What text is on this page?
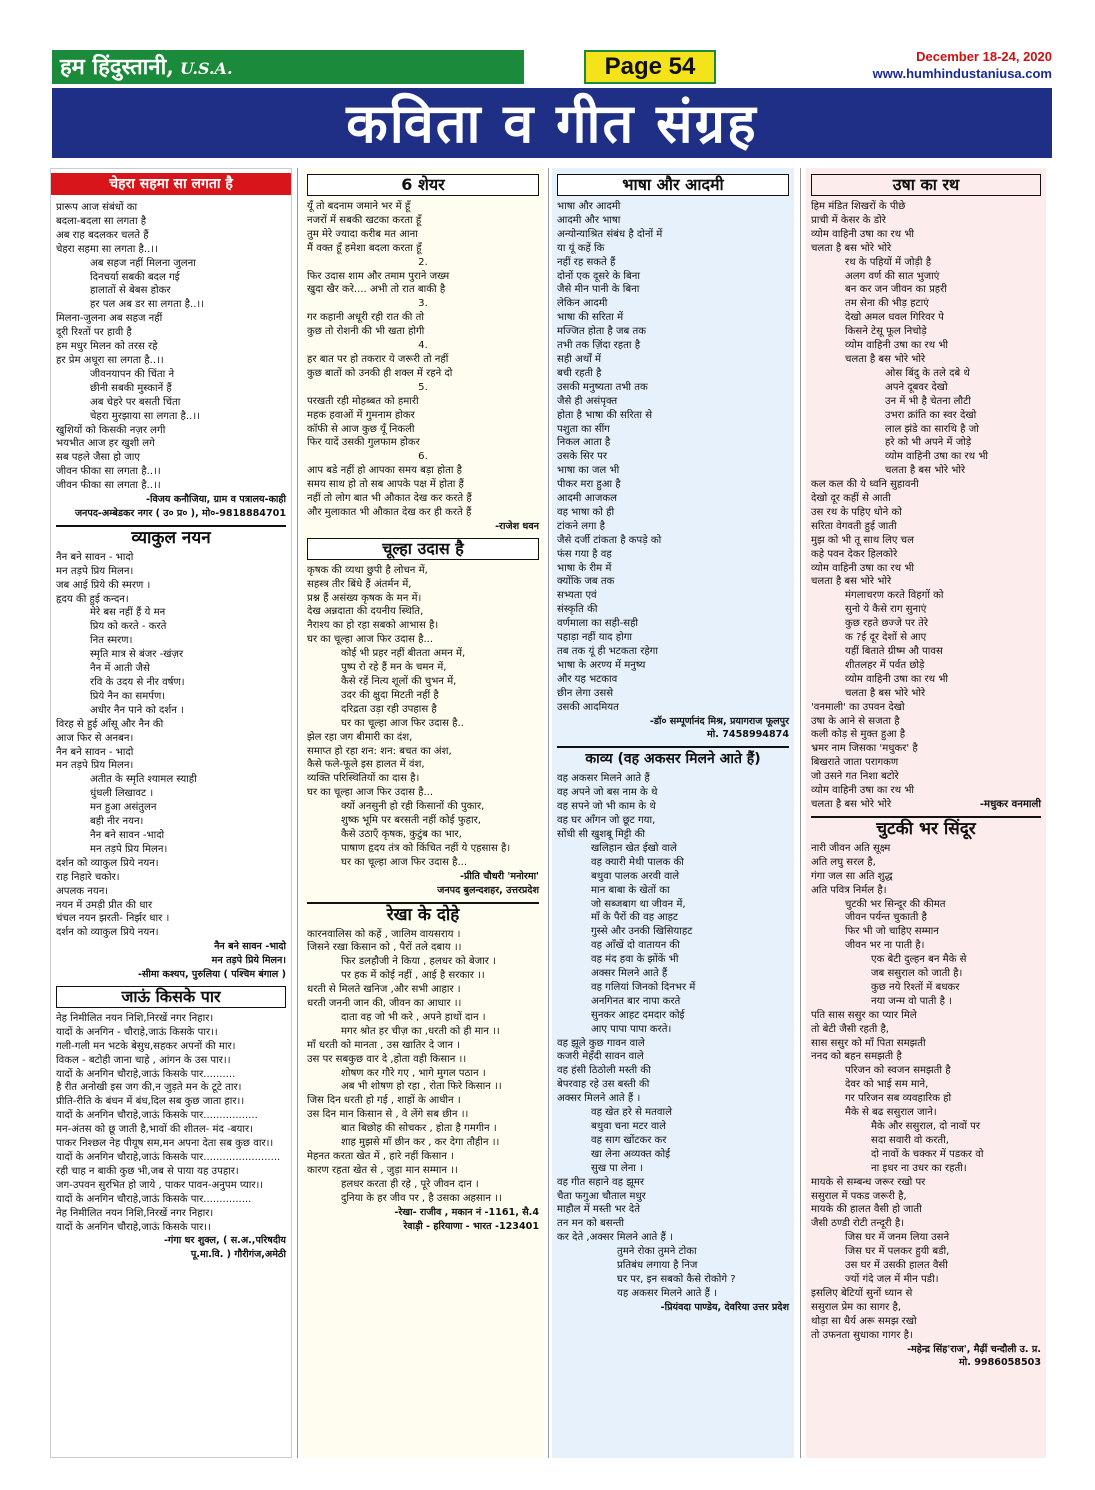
हम हिंदुस्तानी, U.S.A.	Page 54	December 18-24, 2020
www.humhindustaniusa.com
कविता व गीत संग्रह
चेहरा सहमा सा लगता है
प्रारूप आज संबंधों का
बदला-बदला सा लगता है
अब राह बदलकर चलते हैं
चेहरा सहमा सा लगता है..।।
अब सहज नहीं मिलना जुलना
दिनचर्या सबकी बदल गई
हालातों से बेबस होकर
हर पल अब डर सा लगता है..।।
मिलना-जुलना अब सहज नहीं
दूरी रिश्तों पर हावी है
हम मधुर मिलन को तरस रहे
हर प्रेम अधूरा सा लगता है..।।
जीवनयापन की चिंता ने
छीनी सबकी मुस्कानें हैं
अब चेहरे पर बसती चिंता
चेहरा मुरझाया सा लगता है..।।
खुशियों को किसकी नज़र लगी
भयभीत आज हर खुशी लगे
सब पहले जैसा हो जाए
जीवन फीका सा लगता है..।।
जीवन फीका सा लगता है..।।
-विजय कनौजिया, ग्राम व पत्रालय-काही
जनपद-अम्बेडकर नगर ( उ० प्र० ), मो०-9818884701
व्याकुल नयन
नैन बने सावन - भादो
मन तड़पे प्रिय मिलन।
जब आई प्रिये की स्मरण ।
हृदय की हुई कन्दन।
मेरे बस नहीं हैं ये मन
प्रिय को करते - करते
नित स्मरण।
स्मृति मात्र से बंजर -खंज़र
नैन में आती जैसे
रवि के उदय से नीर वर्षण।
प्रिये नैन का समर्पण।
अधीर नैन पाने को दर्शन ।
विरह से हुई आँसू और नैन की
आज फिर से अनबन।
नैन बने सावन - भादो
मन तड़पे प्रिय मिलन।
अतीत के स्मृति श्यामल स्याही
धुंधली लिखावट ।
मन हुआ असंतुलन
बही नीर नयन।
नैन बने सावन -भादो
मन तड़पे प्रिय मिलन।
दर्शन को व्याकुल प्रिये नयन।
राह निहारे चकोर।
अपलक नयन।
नयन में उमड़ी प्रीत की धार
चंचल नयन झरती- निर्झर धार ।
दर्शन को व्याकुल प्रिये नयन।
नैन बने सावन -भादो
मन तड़पे प्रिये मिलन।
-सीमा कश्यप, पुरुलिया ( पश्चिम बंगाल )
जाऊं किसके पार
नेह निमीलित नयन निशि,निरखें नगर निहार।
यादों के अनगिन - चौराहे,जाऊं किसके पार।।
गली-गली मन भटके बेसुध,सहकर अपनों की मार।
विकल - बटोही जाना चाहे , आंगन के उस पार।।
यादों के अनगिन चौराहे,जाऊं किसके पार..........
है रीत अनोखी इस जग की,न जुड़ते मन के टूटे तार।
प्रीति-रीति के बंधन में बंध,दिल सब कुछ जाता हार।।
यादों के अनगिन चौराहे,जाऊं किसके पार.................
मन-अंतस को छू जाती है,भावों की शीतल- मंद -बयार।
पाकर निश्छल नेह पीयूष सम,मन अपना देता सब कुछ वार।।
यादों के अनगिन चौराहे,जाऊं किसके पार........................
रही चाह न बाकी कुछ भी,जब से पाया यह उपहार।
जग-उपवन सुरभित हो जाये , पाकर पावन-अनुपम प्यार।।
यादों के अनगिन चौराहे,जाऊं किसके पार...............
नेह निमीलित नयन निशि,निरखें नगर निहार।
यादों के अनगिन चौराहे,जाऊं किसके पार।।
-गंगा धर शुक्ल, ( स.अ.,परिषदीय
पू.मा.वि. ) गौरीगंज,अमेठी
6 शेयर
यूँ तो बदनाम जमाने भर में हूँ
नजरों में सबकी खटका करता हूँ
तुम मेरे ज्यादा करीब मत आना
मैं वक्त हूँ हमेशा बदला करता हूँ
2.
फिर उदास शाम और तमाम पुराने जख्म
खुदा खैर करे.... अभी तो रात बाकी है
3.
गर कहानी अधूरी रही रात की तो
कुछ तो रोशनी की भी खता होगी
4.
हर बात पर हो तकरार ये जरूरी तो नहीं
कुछ बातों को उनकी ही शक्ल में रहने दो
5.
परखती रही मोहब्बत को हमारी
महक हवाओं में गुमनाम होकर
कॉफी से आज कुछ यूँ निकली
फिर यादें उसकी गुलफाम होकर
6.
आप बडे नहीं हो आपका समय बड़ा होता है
समय साथ हो तो सब आपके पक्ष में होता हैं
नहीं तो लोग बात भी औकात देख कर करते हैं
और मुलाकात भी औकात देख कर ही करते हैं
-राजेश धवन
चूल्हा उदास है
कृषक की व्यथा छुपी है लोचन में,
सहस्त्र तीर बिंधे हैं अंतर्मन में,
प्रश्न हैं असंख्य कृषक के मन में।
देख अन्नदाता की दयनीय स्थिति,
नैराश्य का हो रहा सबको आभास है।
घर का चूल्हा आज फिर उदास है...
कोई भी प्रहर नहीं बीतता अमन में,
पुष्प रो रहे हैं मन के चमन में,
कैसे रहें नित्य शूलों की चुभन में,
उदर की क्षुदा मिटती नहीं है
दरिद्रता उड़ा रही उपहास है
घर का चूल्हा आज फिर उदास है..
झेल रहा जग बीमारी का दंश,
समाप्त हो रहा शन: शन: बचत का अंश,
कैसे फले-फूले इस हालत में वंश,
व्यक्ति परिस्थितियों का दास है।
घर का चूल्हा आज फिर उदास है...
क्यों अनसुनी हो रही किसानों की पुकार,
शुष्क भूमि पर बरसती नहीं कोई फुहार,
कैसे उठाएँ कृषक, कुटुंब का भार,
पाषाण हृदय तंत्र को किंचित नहीं ये एहसास है।
घर का चूल्हा आज फिर उदास है...
-प्रीति चौधरी 'मनोरमा'
जनपद बुलन्दशहर, उत्तरप्रदेश
रेखा के दोहे
कारनवालिस को कहें , जालिम वायसराय ।
जिसने रखा किसान को , पैरों तले दबाय ।।
फिर डलहौजी ने किया , हलधर को बेजार ।
पर हक में कोई नहीं , आई है सरकार ।।
धरती से मिलते खनिज ,और सभी आहार ।
धरती जननी जान की, जीवन का आधार ।।
दाता वह जो भी करे , अपने हाथों दान ।
मगर श्रोत हर चीज़ का ,धरती को ही मान ।।
माँ धरती को मानता , उस खातिर दे जान ।
उस पर सबकुछ वार दे ,होता वही किसान ।।
शोषण कर गौरे गए , भागे मुगल पठान ।
अब भी शोषण हो रहा , रोता फिरे किसान ।।
जिस दिन धरती हो गई , शाहों के आधीन ।
उस दिन मान किसान से , वे लेंगे सब छीन ।।
बात बिछोह की सोचकर , होता है गमगीन ।
शाह मुझसे माँ छीन कर , कर देगा तौहीन ।।
मेहनत करता खेत में , हारे नहीं किसान ।
कारण रहता खेत से , जुड़ा मान सम्मान ।।
हलधर करता ही रहे , पूरे जीवन दान ।
दुनिया के हर जीव पर , है उसका अहसान ।।
-रेखा- राजीव , मकान नं -1161, सै.4
रेवाड़ी - हरियाणा - भारत -123401
भाषा और आदमी
भाषा और आदमी
आदमी और भाषा
अन्योन्याश्रित संबंध है दोनों में
या यूं कहें कि
नहीं रह सकते हैं
दोनों एक दूसरे के बिना
जैसे मीन पानी के बिना
लेकिन आदमी
भाषा की सरिता में
मज्जित होता है जब तक
तभी तक ज़िंदा रहता है
सही अर्थों में
बची रहती है
उसकी मनुष्यता तभी तक
जैसे ही असंपृक्त
होता है भाषा की सरिता से
पशुता का सींग
निकल आता है
उसके सिर पर
भाषा का जल भी
पीकर मरा हुआ है
आदमी आजकल
वह भाषा को ही
टांकने लगा है
जैसे दर्जी टांकता है कपड़े को
फंस गया है वह
भाषा के रीम में
क्योंकि जब तक
सभ्यता एवं
संस्कृति की
वर्णमाला का सही-सही
पहाड़ा नहीं याद होगा
तब तक यूं ही भटकता रहेगा
भाषा के अरण्य में मनुष्य
और यह भटकाव
छीन लेगा उससे
उसकी आदमियत
-डॉ० सम्पूर्णानंद मिश्र, प्रयागराज फूलपुर
मो. 7458994874
काव्य (वह अकसर मिलने आते हैं)
वह अकसर मिलने आते हैं
वह अपने जो बस नाम के थे
वह सपने जो भी काम के थे
वह घर आँगन जो छूट गया,
सोंधी सी खुशबू मिट्टी की
खलिहान खेत ईखो वाले
वह क्यारी मेथी पालक की
बथुवा पालक अरवी वाले
मान बाबा के खेतों का
जो सब्जबाग था जीवन में,
माँ के पैरों की वह आहट
गुस्से और उनकी खिसियाहट
वह आँखें दो वातायन की
वह मंद हवा के झोंकें भी
अक्सर मिलने आते हैं
वह गलियां जिनको दिनभर में
अनगिनत बार नापा करते
सुनकर आहट दमदार कोई
आए पापा पापा करते।
वह झूले कुछ गावन वाले
कजरी मेहँदी सावन वाले
वह हंसी ठिठोली मस्ती की
बेपरवाह रहे उस बस्ती की
अक्सर मिलने आते हैं ।
वह खेत हरे से मतवाले
बथुवा चना मटर वाले
वह साग खोंटकर कर
खा लेना अव्यक्त कोई
सुख पा लेना ।
वह गीत सहाने वह झूमर
चैता फगुआ चौताल मधुर
माहौल में मस्ती भर देते
तन मन को बसन्ती
कर देते ,अक्सर मिलने आते हैं ।
तुमने रोका तुमने टोका
प्रतिबंध लगाया है निज
घर पर, इन सबको कैसे रोकोगे ?
यह अकसर मिलने आते हैं ।
-प्रियंवदा पाण्डेय, देवरिया उत्तर प्रदेश
उषा का रथ
हिम मंडित शिखरों के पीछे
प्राची में केसर के डोरे
व्योम वाहिनी उषा का रथ भी
चलता है बस भोरे भोरे
रथ के पहियों में जोड़ी है
अलग वर्ण की सात भुजाएं
बन कर जन जीवन का प्रहरी
तम सेना की भीड़ हटाएं
देखो अमल धवल गिरिवर पे
किसने टेसू फूल निचोड़े
व्योम वाहिनी उषा का रथ भी
चलता है बस भोरे भोरे
ओस बिंदु के तले दबे थे
अपने दूबवर देखो
उन में भी है चेतना लौटी
उभरा क्रांति का स्वर देखो
लाल झंडे का सारथि है जो
हरे को भी अपने में जोड़े
व्योम वाहिनी उषा का रथ भी
चलता है बस भोरे भोरे
कल कल की ये ध्वनि सुहावनी
देखो दूर कहीं से आती
उस रथ के पहिए धोने को
सरिता वेगवती हुई जाती
मुझ को भी तू साथ लिए चल
कहे पवन देकर हिलकोरे
व्योम वाहिनी उषा का रथ भी
चलता है बस भोरे भोरे
मंगलाचरण करते विहगों को
सुनो ये कैसे राग सुनाएं
कुछ रहते छज्जे पर तेरे
क ?ई दूर देशों से आए
यहीं बिताते ग्रीष्म औ पावस
शीतलहर में पर्वत छोड़े
व्योम वाहिनी उषा का रथ भी
चलता है बस भोरे भोरे
'वनमाली' का उपवन देखो
उषा के आने से सजता है
कली कोड़ से मुक्त हुआ है
भ्रमर नाम जिसका 'मधुकर' है
बिखराते जाता परागकण
जो उसने गत निशा बटोरे
व्योम वाहिनी उषा का रथ भी
चलता है बस भोरे भोरे	-मधुकर वनमाली
चुटकी भर सिंदूर
नारी जीवन अति सूक्ष्म
अति लघु सरल है,
गंगा जल सा अति शुद्ध
अति पवित्र निर्मल है।
चुटकी भर सिन्दूर की कीमत
जीवन पर्यन्त चुकाती है
फिर भी जो चाहिए सम्मान
जीवन भर ना पाती है।
एक बेटी दुल्हन बन मैके से
जब ससुराल को जाती है।
कुछ नये रिश्तों में बधकर
नया जन्म वो पाती है ।
पति सास ससुर का प्यार मिले
तो बेटी जैसी रहती है,
सास ससुर को माँ पिता समझती
ननद को बहन समझती है
परिजन को स्वजन समझती है
देवर को भाई सम माने,
गर परिजन सब व्यवहारिक हो
मैके से बढ ससुराल जाने।
मैके और ससुराल, दो नावों पर
सदा सवारी वो करती,
दो नावों के चक्कर में पडकर वो
ना इधर ना उधर का रहती।
मायके से सम्बन्ध जरूर रखो पर
ससुराल में पकड जरूरी है,
मायके की हालत वैसी हो जाती
जैसी ठण्डी रोटी तन्दूरी है।
जिस घर में जनम लिया उसने
जिस घर में पलकर हुयी बडी,
उस घर में उसकी हालत वैसी
ज्यों गंदे जल में मीन पडी।
इसलिए बेटियों सुनों ध्यान से
ससुराल प्रेम का सागर है,
थोड़ा सा धैर्य अरू समझ रखो
तो उफनता सुधाका गागर है।
-महेन्द्र सिंह'राज', मैढ़ीं चन्दौली उ. प्र.
मो. 9986058503
